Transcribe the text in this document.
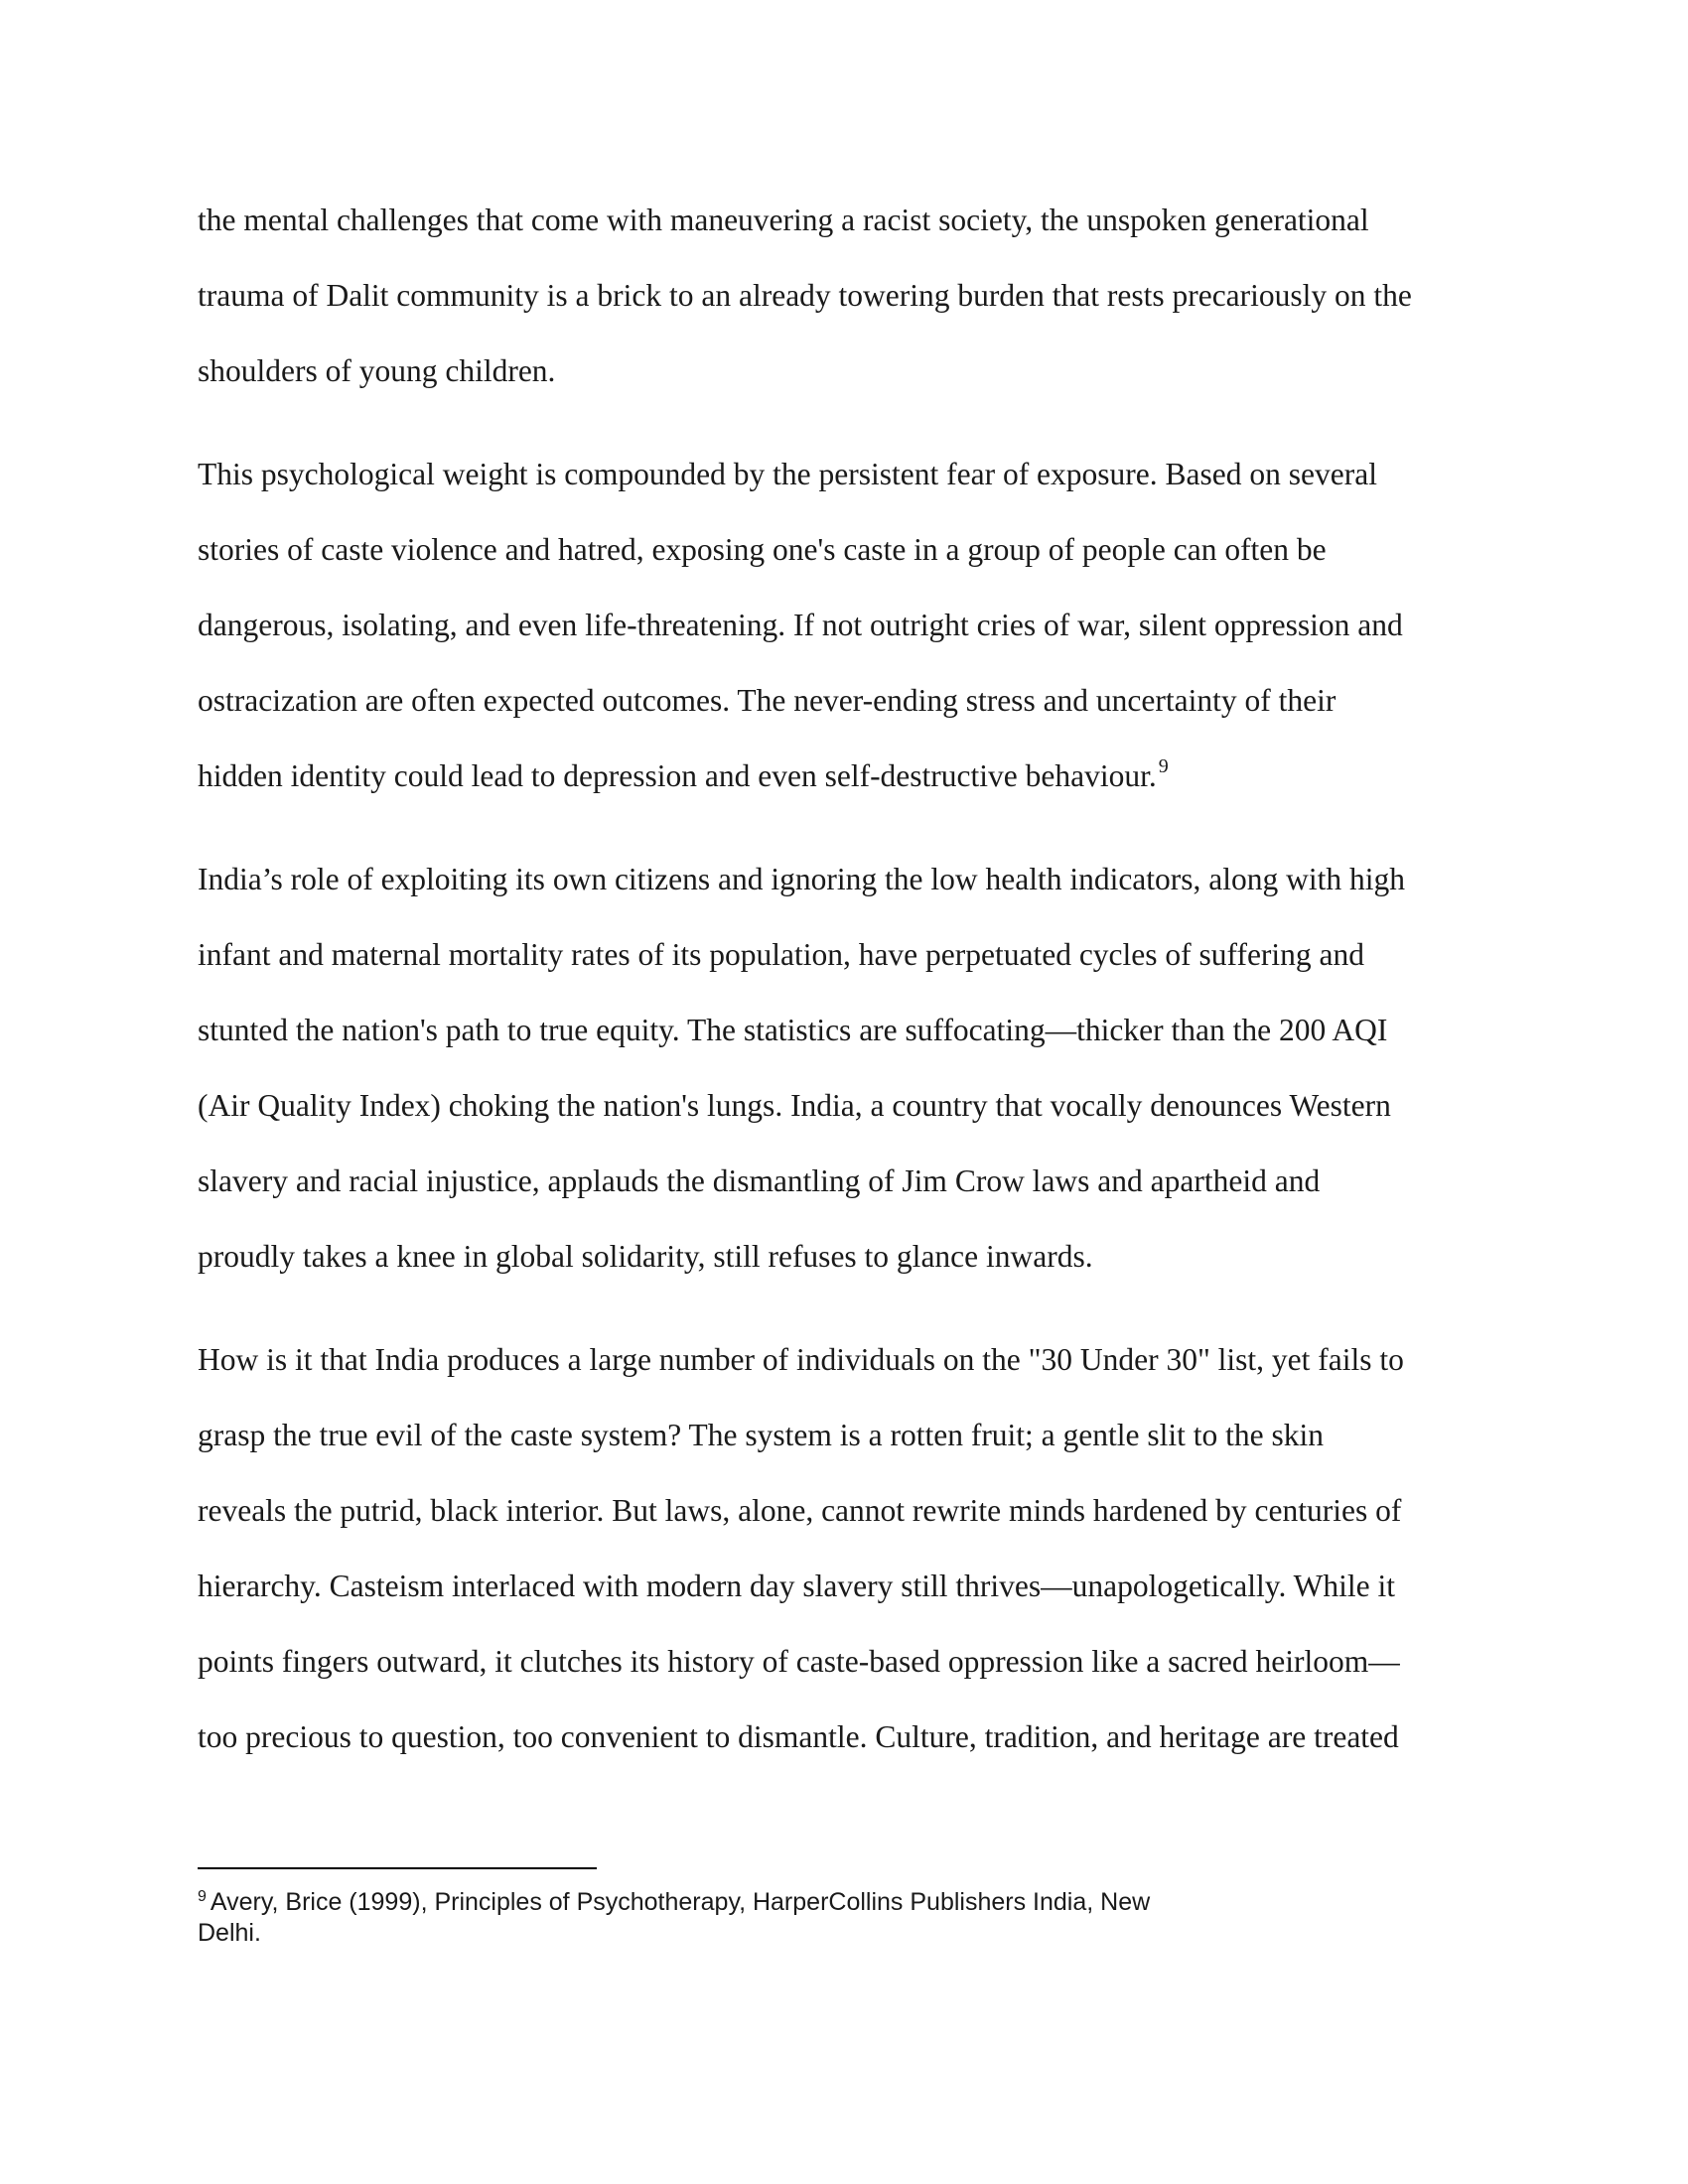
the mental challenges that come with maneuvering a racist society, the unspoken generational
trauma of Dalit community is a brick to an already towering burden that rests precariously on the
shoulders of young children.
This psychological weight is compounded by the persistent fear of exposure. Based on several
stories of caste violence and hatred, exposing one's caste in a group of people can often be
dangerous, isolating, and even life-threatening. If not outright cries of war, silent oppression and
ostracization are often expected outcomes. The never-ending stress and uncertainty of their
hidden identity could lead to depression and even self-destructive behaviour. $^9$
India’s role of exploiting its own citizens and ignoring the low health indicators, along with high
infant and maternal mortality rates of its population, have perpetuated cycles of suffering and
stunted the nation's path to true equity. The statistics are suffocating—thicker than the 200 AQI
(Air Quality Index) choking the nation's lungs. India, a country that vocally denounces Western
slavery and racial injustice, applauds the dismantling of Jim Crow laws and apartheid and
proudly takes a knee in global solidarity, still refuses to glance inwards.
How is it that India produces a large number of individuals on the "30 Under 30" list, yet fails to
grasp the true evil of the caste system? The system is a rotten fruit; a gentle slit to the skin
reveals the putrid, black interior. But laws, alone, cannot rewrite minds hardened by centuries of
hierarchy. Casteism interlaced with modern day slavery still thrives—unapologetically. While it
points fingers outward, it clutches its history of caste-based oppression like a sacred heirloom—
too precious to question, too convenient to dismantle. Culture, tradition, and heritage are treated
$^9$ Avery, Brice (1999), Principles of Psychotherapy, HarperCollins Publishers India, New
Delhi.
